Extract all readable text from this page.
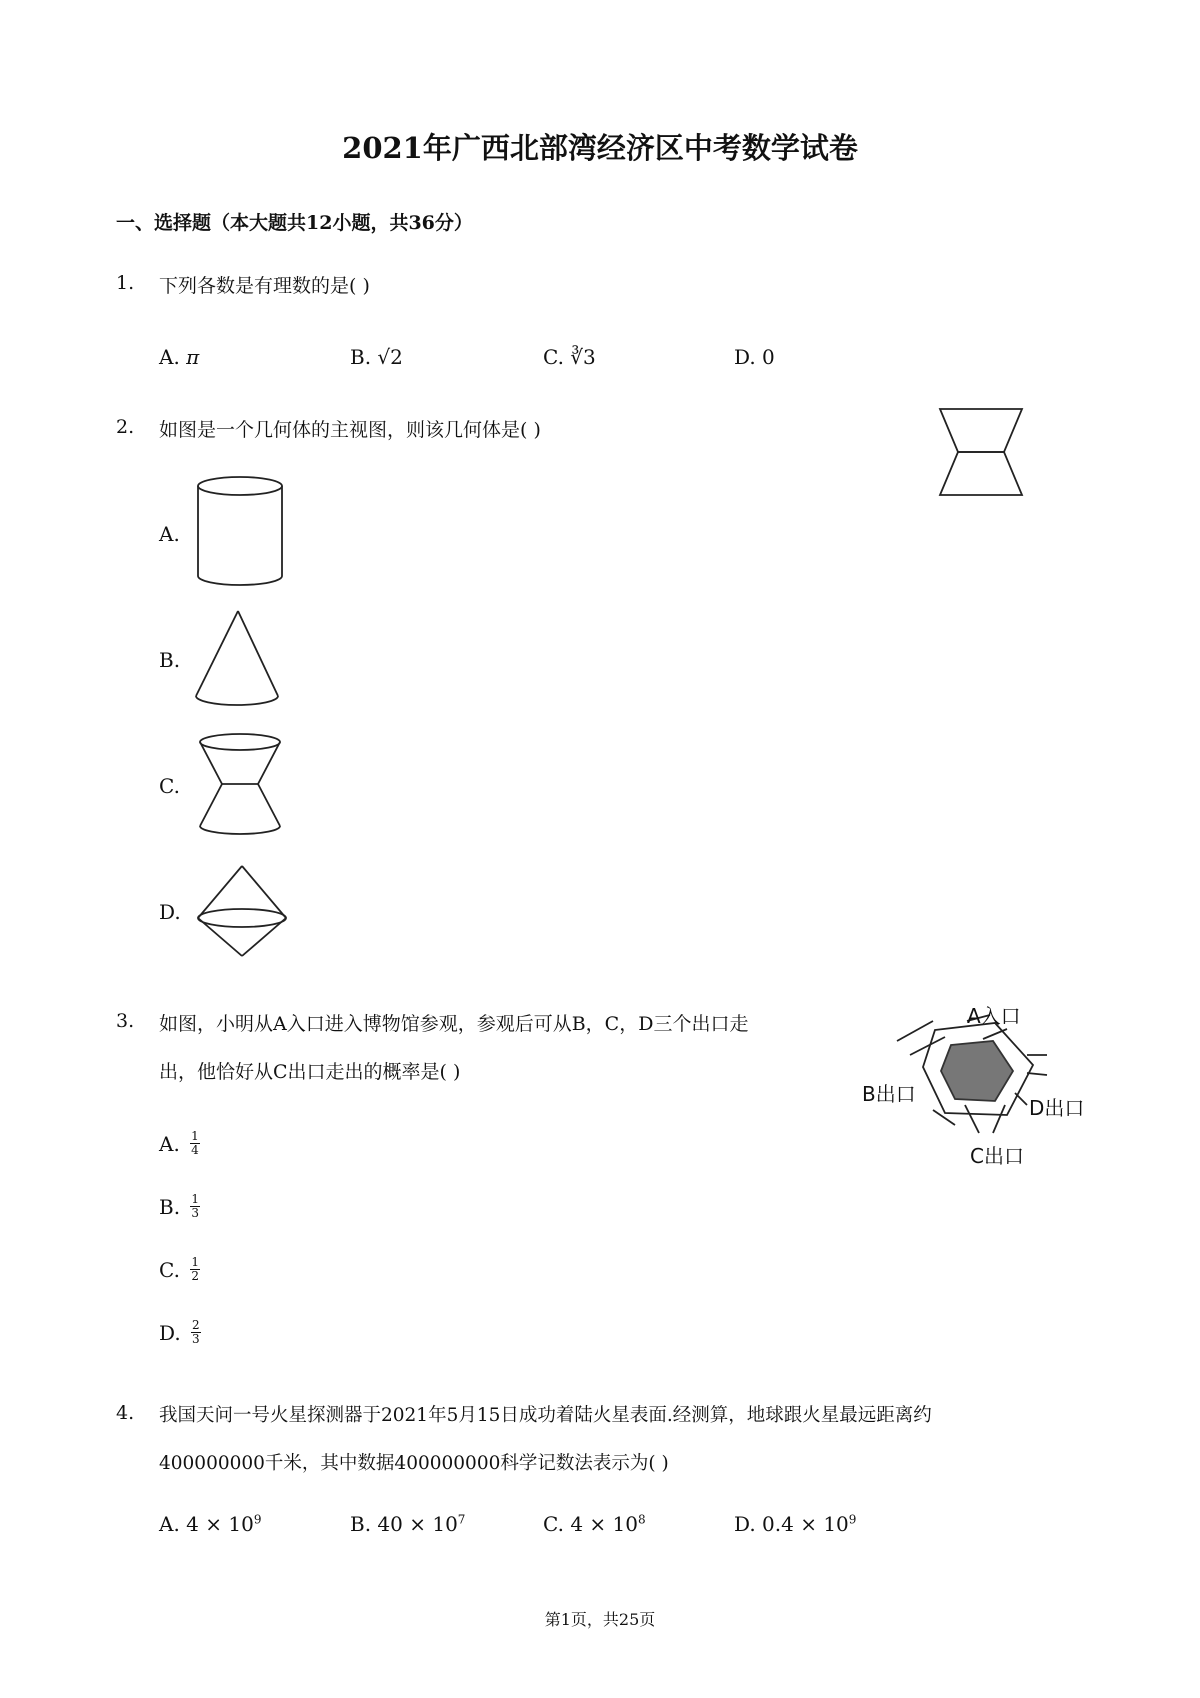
2021年广西北部湾经济区中考数学试卷
一、选择题（本大题共12小题，共36分）
1. 下列各数是有理数的是( )
A. π	B. √2	C. ∛3	D. 0
2. 如图是一个几何体的主视图，则该几何体是( )
A.
B.
C.
D.
3. 如图，小明从A入口进入博物馆参观，参观后可从B，C，D三个出口走
出，他恰好从C出口走出的概率是( )
A入口
B出口
D出口
C出口
A. $\frac{1}{4}$
B. $\frac{1}{3}$
C. $\frac{1}{2}$
D. $\frac{2}{3}$
4. 我国天问一号火星探测器于2021年5月15日成功着陆火星表面.经测算，地球跟火星最远距离约
400000000千米，其中数据400000000科学记数法表示为( )
A. $4 \times 10^9$	B. $40 \times 10^7$	C. $4 \times 10^8$	D. $0.4 \times 10^9$
第1页，共25页
